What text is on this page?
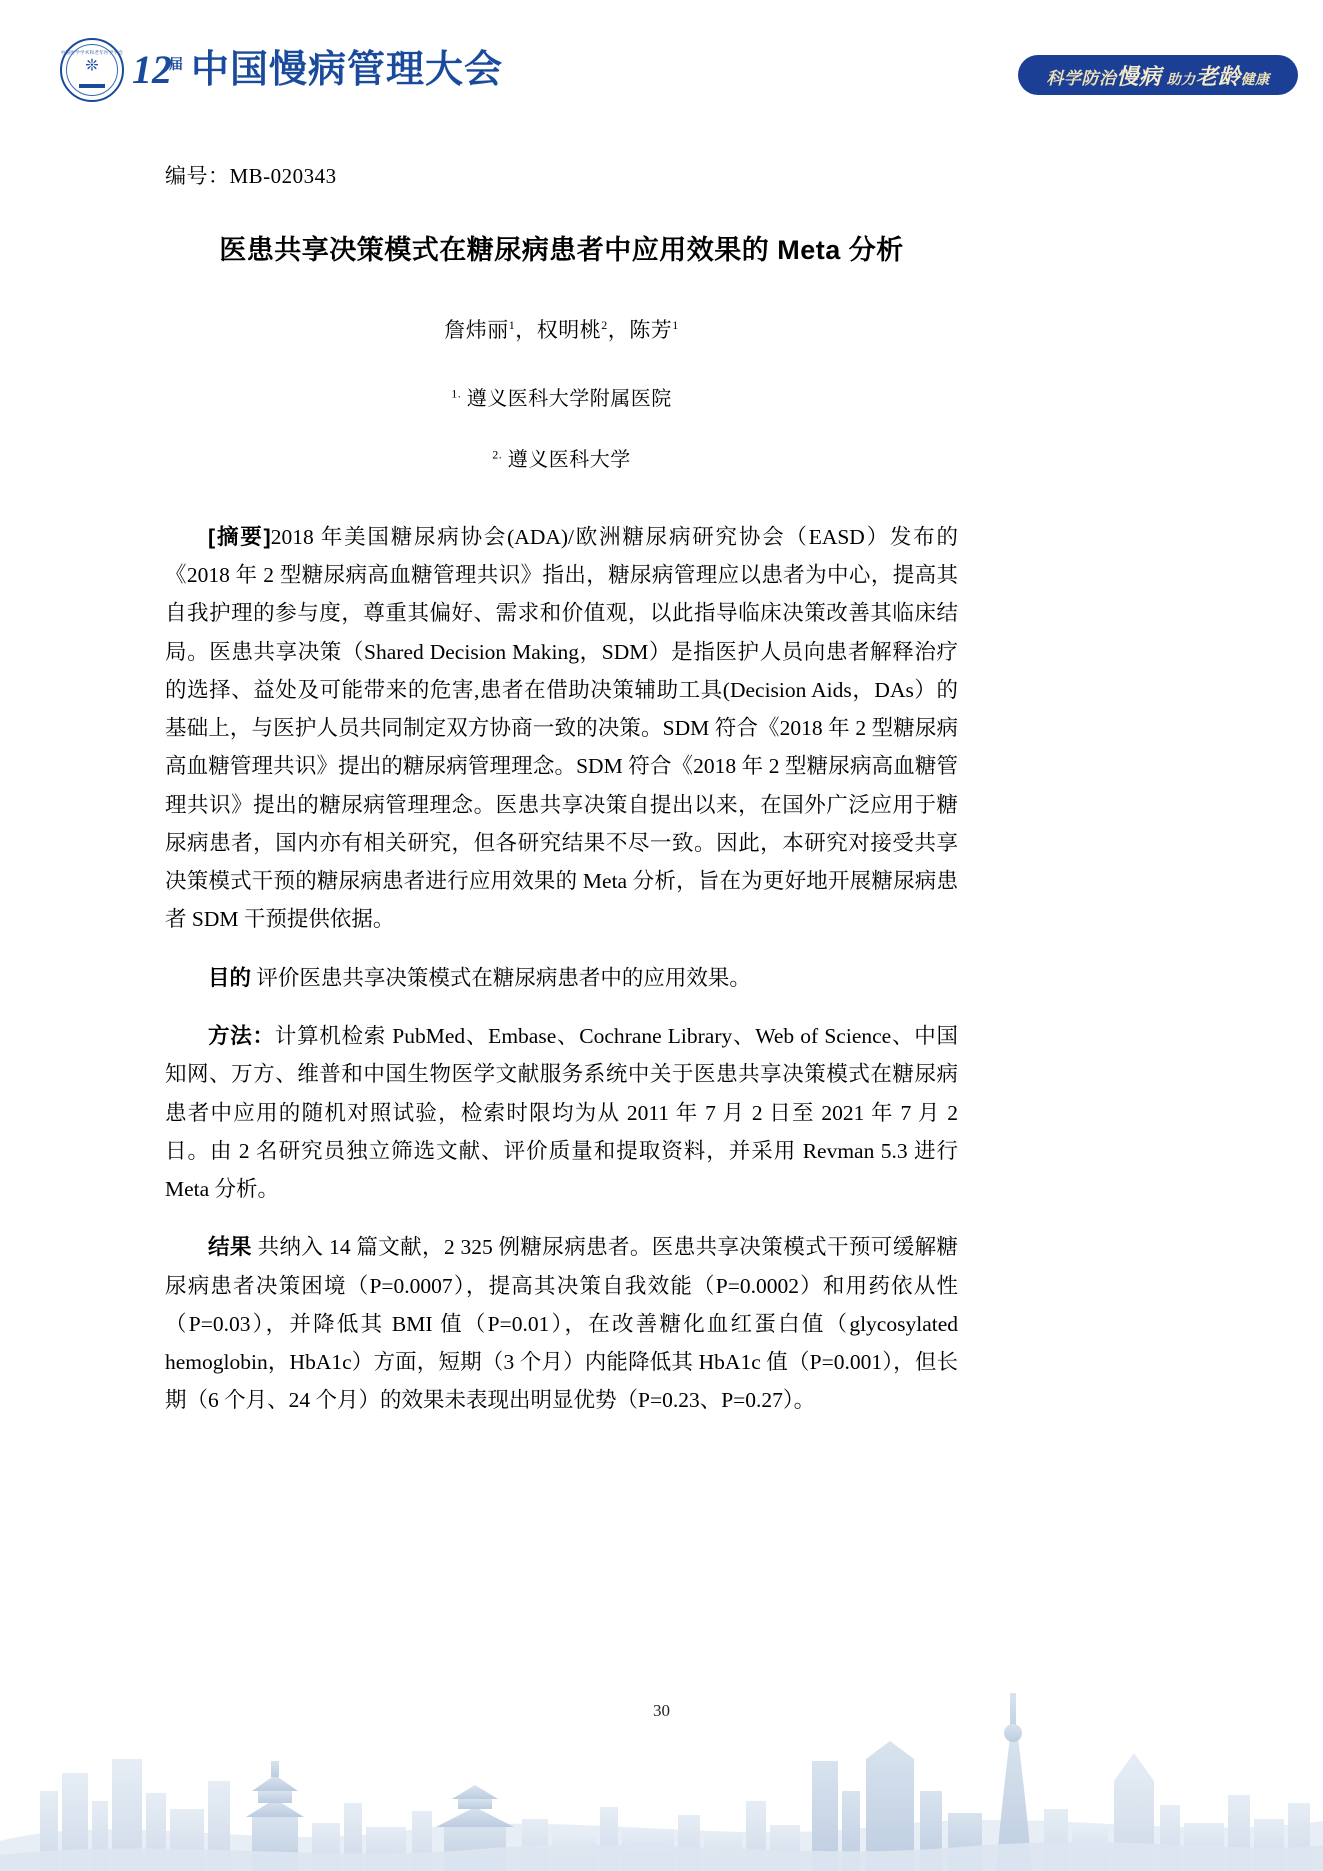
中国医学学术和老年医学学会
❊ $12^届$ 中国慢病管理大会	科学防治慢病 助力老龄健康
编号：MB-020343
医患共享决策模式在糖尿病患者中应用效果的 Meta 分析
詹炜丽$^1$，权明桃$^2$，陈芳$^1$
$^{1.}$ 遵义医科大学附属医院
$^{2.}$ 遵义医科大学

[摘要]2018 年美国糖尿病协会(ADA)/欧洲糖尿病研究协会（EASD）发布的《2018 年 2 型糖尿病高血糖管理共识》指出，糖尿病管理应以患者为中心，提高其自我护理的参与度，尊重其偏好、需求和价值观，以此指导临床决策改善其临床结局。医患共享决策（Shared Decision Making，SDM）是指医护人员向患者解释治疗的选择、益处及可能带来的危害,患者在借助决策辅助工具(Decision Aids，DAs）的基础上，与医护人员共同制定双方协商一致的决策。SDM 符合《2018 年 2 型糖尿病高血糖管理共识》提出的糖尿病管理理念。SDM 符合《2018 年 2 型糖尿病高血糖管理共识》提出的糖尿病管理理念。医患共享决策自提出以来，在国外广泛应用于糖尿病患者，国内亦有相关研究，但各研究结果不尽一致。因此，本研究对接受共享决策模式干预的糖尿病患者进行应用效果的 Meta 分析，旨在为更好地开展糖尿病患者 SDM 干预提供依据。

目的 评价医患共享决策模式在糖尿病患者中的应用效果。

方法：计算机检索 PubMed、Embase、Cochrane Library、Web of Science、中国知网、万方、维普和中国生物医学文献服务系统中关于医患共享决策模式在糖尿病患者中应用的随机对照试验，检索时限均为从 2011 年 7 月 2 日至 2021 年 7 月 2 日。由 2 名研究员独立筛选文献、评价质量和提取资料，并采用 Revman 5.3 进行 Meta 分析。

结果 共纳入 14 篇文献，2 325 例糖尿病患者。医患共享决策模式干预可缓解糖尿病患者决策困境（P=0.0007），提高其决策自我效能（P=0.0002）和用药依从性（P=0.03），并降低其 BMI 值（P=0.01），在改善糖化血红蛋白值（glycosylated hemoglobin，HbA1c）方面，短期（3 个月）内能降低其 HbA1c 值（P=0.001），但长期（6 个月、24 个月）的效果未表现出明显优势（P=0.23、P=0.27）。

30
